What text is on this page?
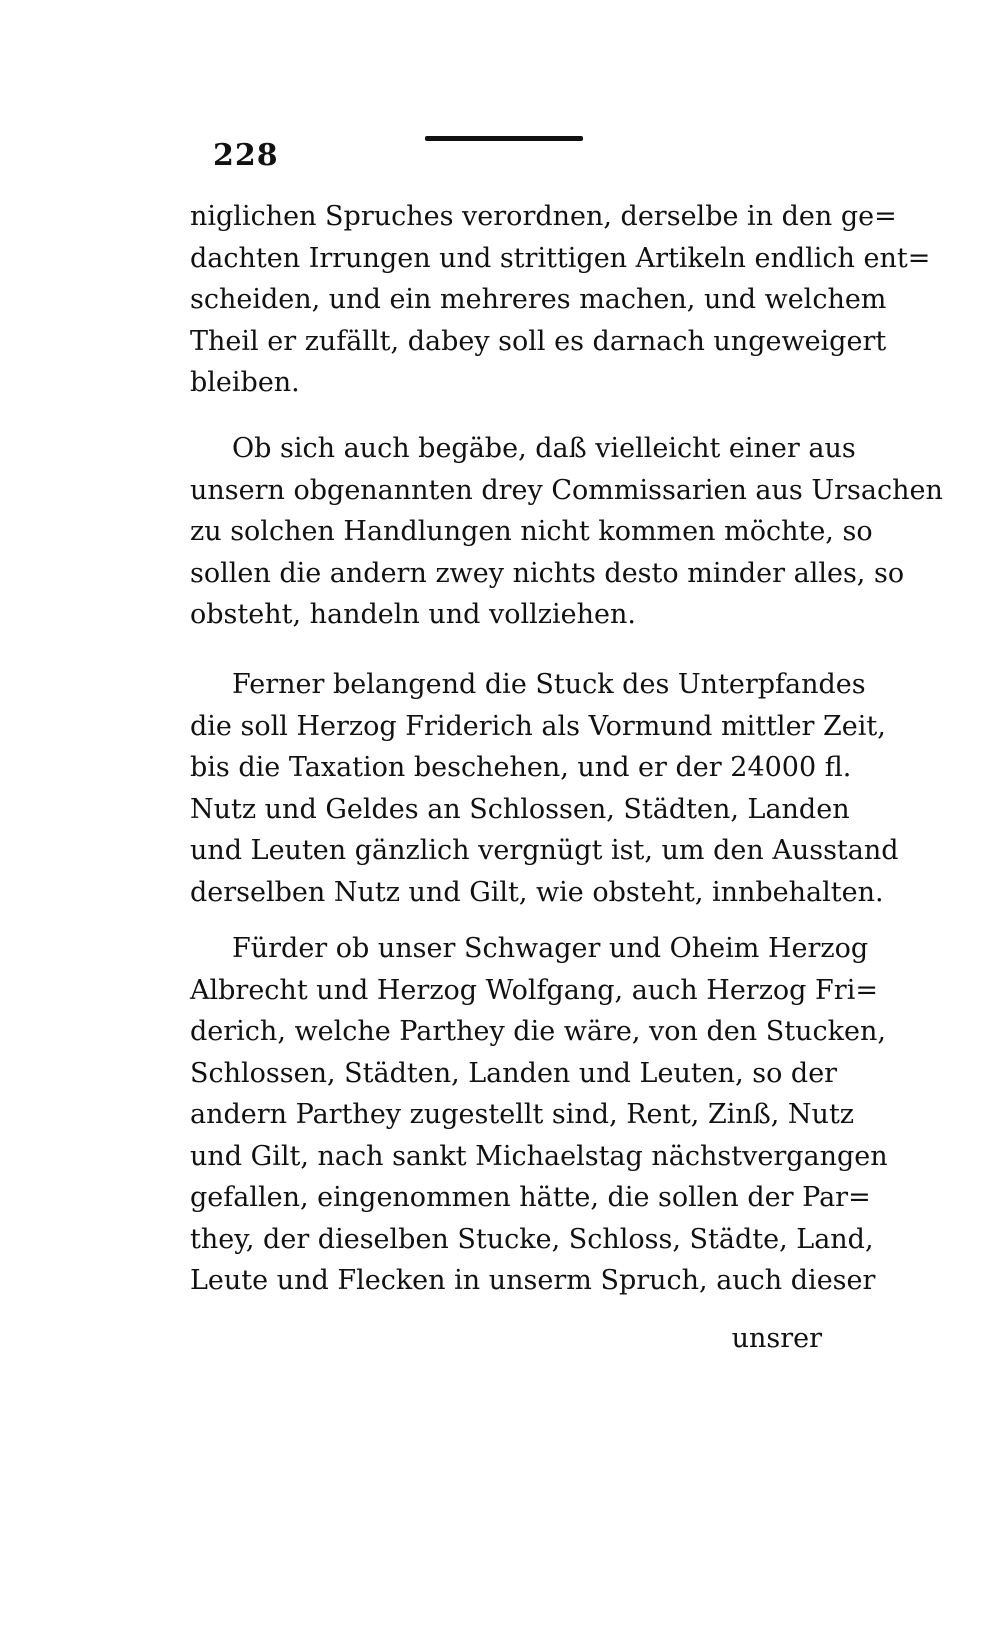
228
niglichen Spruches verordnen, derselbe in den ge=
dachten Irrungen und strittigen Artikeln endlich ent=
scheiden, und ein mehreres machen, und welchem
Theil er zufällt, dabey soll es darnach ungeweigert
bleiben.
Ob sich auch begäbe, daß vielleicht einer aus
unsern obgenannten drey Commissarien aus Ursachen
zu solchen Handlungen nicht kommen möchte, so
sollen die andern zwey nichts desto minder alles, so
obsteht, handeln und vollziehen.
Ferner belangend die Stuck des Unterpfandes
die soll Herzog Friderich als Vormund mittler Zeit,
bis die Taxation beschehen, und er der 24000 fl.
Nutz und Geldes an Schlossen, Städten, Landen
und Leuten gänzlich vergnügt ist, um den Ausstand
derselben Nutz und Gilt, wie obsteht, innbehalten.
Fürder ob unser Schwager und Oheim Herzog
Albrecht und Herzog Wolfgang, auch Herzog Fri=
derich, welche Parthey die wäre, von den Stucken,
Schlossen, Städten, Landen und Leuten, so der
andern Parthey zugestellt sind, Rent, Zinß, Nutz
und Gilt, nach sankt Michaelstag nächstvergangen
gefallen, eingenommen hätte, die sollen der Par=
they, der dieselben Stucke, Schloss, Städte, Land,
Leute und Flecken in unserm Spruch, auch dieser
unsrer
